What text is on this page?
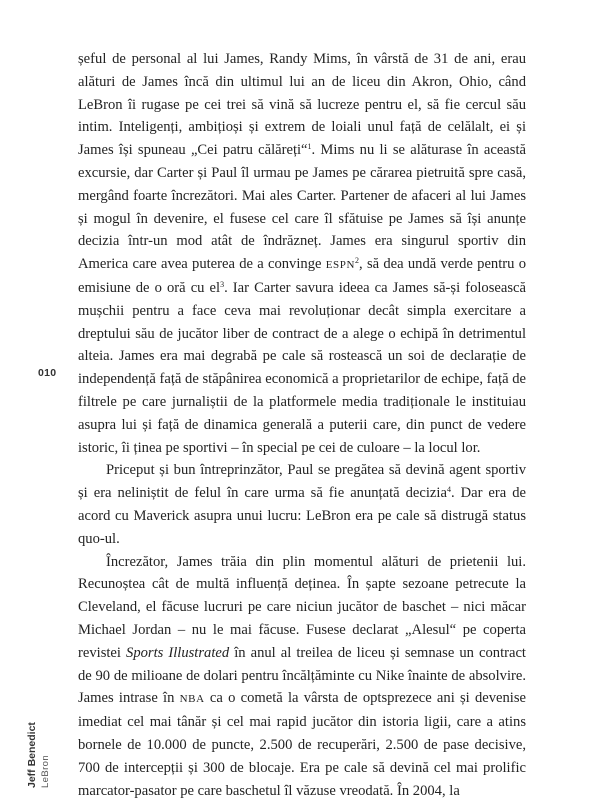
șeful de personal al lui James, Randy Mims, în vârstă de 31 de ani, erau alături de James încă din ultimul lui an de liceu din Akron, Ohio, când LeBron îi rugase pe cei trei să vină să lucreze pentru el, să fie cercul său intim. Inteligenți, ambițioși și extrem de loiali unul față de celălalt, ei și James își spuneau „Cei patru călăreți“$^1$. Mims nu li se alăturase în această excursie, dar Carter și Paul îl urmau pe James pe cărarea pietruită spre casă, mergând foarte încrezători. Mai ales Carter. Partener de afaceri al lui James și mogul în devenire, el fusese cel care îl sfătuise pe James să își anunțe decizia într-un mod atât de îndrăzneț. James era singurul sportiv din America care avea puterea de a convinge ESPN$^2$, să dea undă verde pentru o emisiune de o oră cu $el^3$. Iar Carter savura ideea ca James să-și folosească mușchii pentru a face ceva mai revoluționar decât simpla exercitare a dreptului său de jucător liber de contract de a alege o echipă în detrimentul alteia. James era mai degrabă pe cale să rostească un soi de declarație de independență față de stăpânirea economică a proprietarilor de echipe, față de filtrele pe care jurnaliștii de la platformele media tradiționale le instituiau asupra lui și față de dinamica generală a puterii care, din punct de vedere istoric, îi ținea pe sportivi – în special pe cei de culoare – la locul lor.

Priceput și bun întreprinzător, Paul se pregătea să devină agent sportiv și era neliniștit de felul în care urma să fie anunțată decizia$^4$. Dar era de acord cu Maverick asupra unui lucru: LeBron era pe cale să distrugă status quo-ul.

Încrezător, James trăia din plin momentul alături de prietenii lui. Recunoștea cât de multă influență deținea. În șapte sezoane petrecute la Cleveland, el făcuse lucruri pe care niciun jucător de baschet – nici măcar Michael Jordan – nu le mai făcuse. Fusese declarat „Alesul“ pe coperta revistei Sports Illustrated în anul al treilea de liceu și semnase un contract de 90 de milioane de dolari pentru încălțăminte cu Nike înainte de absolvire. James intrase în NBA ca o cometă la vârsta de optsprezece ani și devenise imediat cel mai tânăr și cel mai rapid jucător din istoria ligii, care a atins bornele de 10.000 de puncte, 2.500 de recuperări, 2.500 de pase decisive, 700 de intercepții și 300 de blocaje. Era pe cale să devină cel mai prolific marcator-pasator pe care baschetul îl văzuse vreodată. În 2004, la

010
Jeff Benedict LeBron
